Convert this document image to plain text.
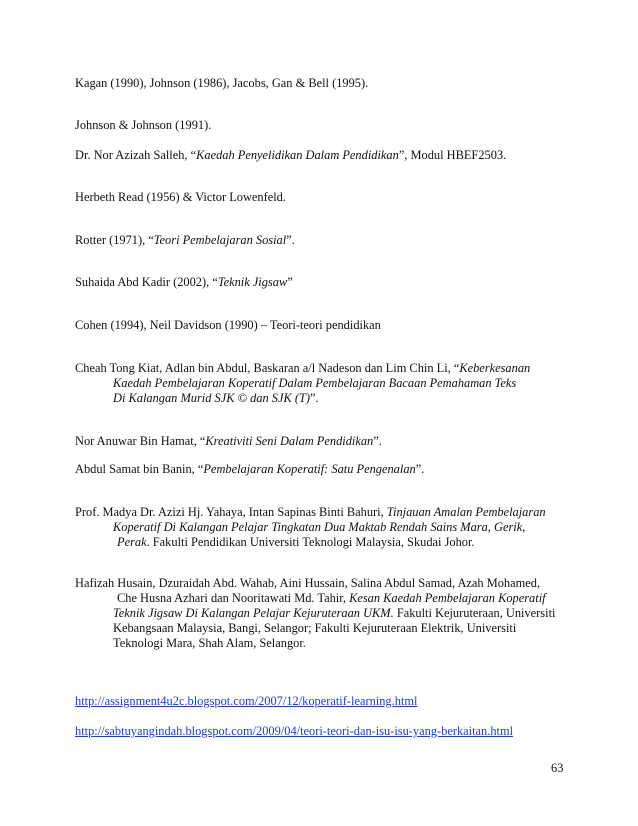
Kagan (1990), Johnson (1986), Jacobs, Gan & Bell (1995).
Johnson & Johnson (1991).
Dr. Nor Azizah Salleh, “Kaedah Penyelidikan Dalam Pendidikan”, Modul HBEF2503.
Herbeth Read (1956) & Victor Lowenfeld.
Rotter (1971), “Teori Pembelajaran Sosial”.
Suhaida Abd Kadir (2002), “Teknik Jigsaw”
Cohen (1994), Neil Davidson (1990) – Teori-teori pendidikan
Cheah Tong Kiat, Adlan bin Abdul, Baskaran a/l Nadeson dan Lim Chin Li, “Keberkesanan
Kaedah Pembelajaran Koperatif Dalam Pembelajaran Bacaan Pemahaman Teks
Di Kalangan Murid SJK © dan SJK (T)”.
Nor Anuwar Bin Hamat, “Kreativiti Seni Dalam Pendidikan”.
Abdul Samat bin Banin, “Pembelajaran Koperatif: Satu Pengenalan”.
Prof. Madya Dr. Azizi Hj. Yahaya, Intan Sapinas Binti Bahuri, Tinjauan Amalan Pembelajaran
Koperatif Di Kalangan Pelajar Tingkatan Dua Maktab Rendah Sains Mara, Gerik,
Perak. Fakulti Pendidikan Universiti Teknologi Malaysia, Skudai Johor.
Hafizah Husain, Dzuraidah Abd. Wahab, Aini Hussain, Salina Abdul Samad, Azah Mohamed,
Che Husna Azhari dan Nooritawati Md. Tahir, Kesan Kaedah Pembelajaran Koperatif
Teknik Jigsaw Di Kalangan Pelajar Kejuruteraan UKM. Fakulti Kejuruteraan, Universiti
Kebangsaan Malaysia, Bangi, Selangor; Fakulti Kejuruteraan Elektrik, Universiti
Teknologi Mara, Shah Alam, Selangor.
http://assignment4u2c.blogspot.com/2007/12/koperatif-learning.html
http://sabtuyangindah.blogspot.com/2009/04/teori-teori-dan-isu-isu-yang-berkaitan.html
63
